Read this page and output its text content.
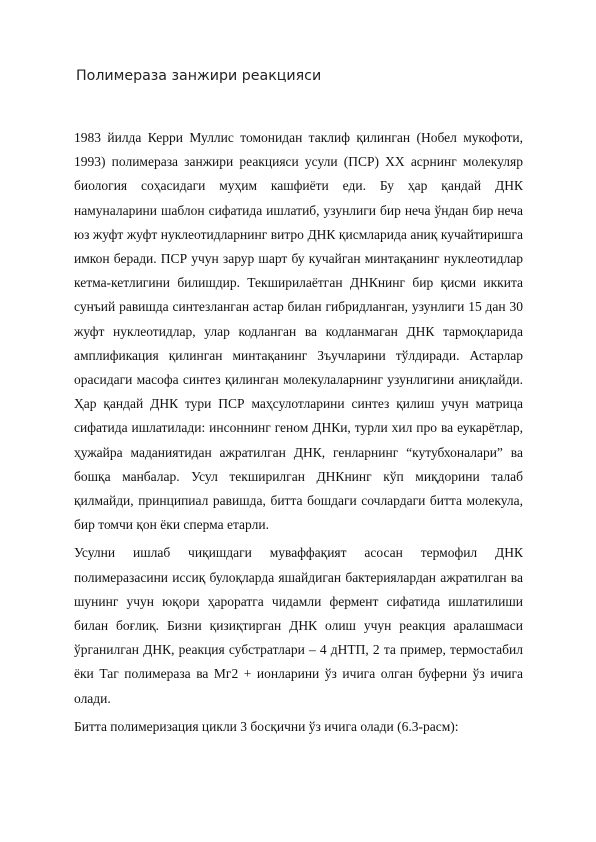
Полимераза занжири реакцияси

1983 йилда Керри Муллис томонидан таклиф қилинган (Нобел мукофоти, 1993) полимераза занжири реакцияси усули (ПСР) XX асрнинг молекуляр биология соҳасидаги муҳим кашфиёти еди. Бу ҳар қандай ДНК намуналарини шаблон сифатида ишлатиб, узунлиги бир неча ўндан бир неча юз жуфт жуфт нуклеотидларнинг витро ДНК қисмларида аниқ кучайтиришга имкон беради. ПСР учун зарур шарт бу кучайган минтақанинг нуклеотидлар кетма-кетлигини билишдир. Текширилаётган ДНКнинг бир қисми иккита сунъий равишда синтезланган астар билан гибридланган, узунлиги 15 дан 30 жуфт нуклеотидлар, улар кодланган ва кодланмаган ДНК тармоқларида амплификация қилинган минтақанинг Зъучларини тўлдиради. Астарлар орасидаги масофа синтез қилинган молекулаларнинг узунлигини аниқлайди. Ҳар қандай ДНК тури ПСР маҳсулотларини синтез қилиш учун матрица сифатида ишлатилади: инсоннинг геном ДНКи, турли хил про ва еукарётлар, ҳужайра маданиятидан ажратилган ДНК, генларнинг “кутубхоналари” ва бошқа манбалар. Усул текширилган ДНКнинг кўп миқдорини талаб қилмайди, принципиал равишда, битта бошдаги сочлардаги битта молекула, бир томчи қон ёки сперма етарли.

Усулни ишлаб чиқишдаги муваффақият асосан термофил ДНК полимеразасини иссиқ булоқларда яшайдиган бактериялардан ажратилган ва шунинг учун юқори ҳароратга чидамли фермент сифатида ишлатилиши билан боғлиқ. Бизни қизиқтирган ДНК олиш учун реакция аралашмаси ўрганилган ДНК, реакция субстратлари – 4 дНТП, 2 та пример, термостабил ёки Таг полимераза ва Мг2 + ионларини ўз ичига олган буферни ўз ичига олади.

Битта полимеризация цикли 3 босқични ўз ичига олади (6.3-расм):
